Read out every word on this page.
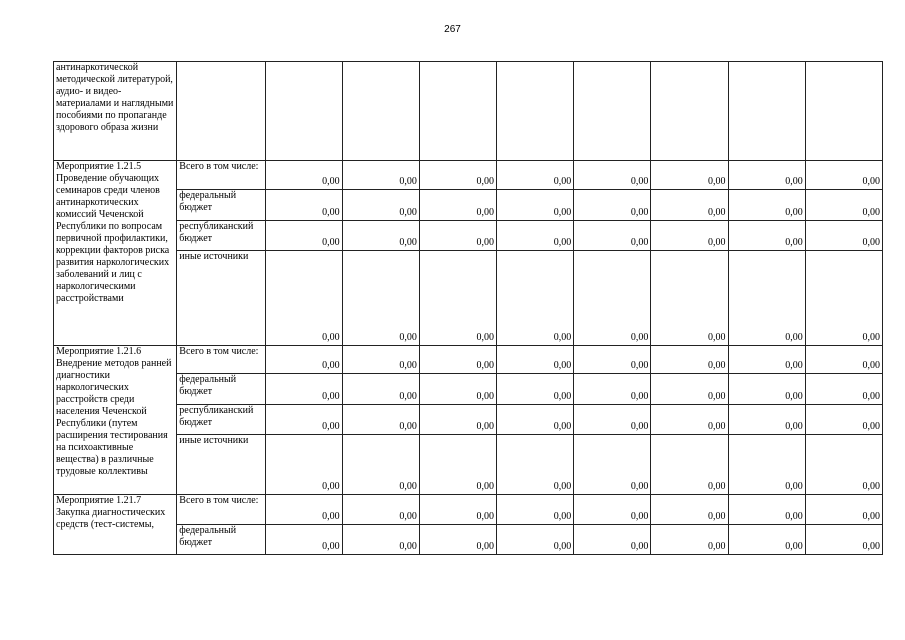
267
антинаркотической методической литературой, аудио- и видео-материалами и наглядными пособиями по пропаганде здорового образа жизни									
Мероприятие 1.21.5 Проведение обучающих семинаров среди членов антинаркотических комиссий Чеченской Республики по вопросам первичной профилактики, коррекции факторов риска развития наркологических заболеваний и лиц с наркологическими расстройствами	Всего в том числе:	0,00	0,00	0,00	0,00	0,00	0,00	0,00	0,00
	федеральный бюджет	0,00	0,00	0,00	0,00	0,00	0,00	0,00	0,00
	республиканский бюджет	0,00	0,00	0,00	0,00	0,00	0,00	0,00	0,00
	иные источники	0,00	0,00	0,00	0,00	0,00	0,00	0,00	0,00
Мероприятие 1.21.6 Внедрение методов ранней диагностики наркологических расстройств среди населения Чеченской Республики (путем расширения тестирования на психоактивные вещества) в различные трудовые коллективы	Всего в том числе:	0,00	0,00	0,00	0,00	0,00	0,00	0,00	0,00
	федеральный бюджет	0,00	0,00	0,00	0,00	0,00	0,00	0,00	0,00
	республиканский бюджет	0,00	0,00	0,00	0,00	0,00	0,00	0,00	0,00
	иные источники	0,00	0,00	0,00	0,00	0,00	0,00	0,00	0,00
Мероприятие 1.21.7 Закупка диагностических средств (тест-системы,	Всего в том числе:	0,00	0,00	0,00	0,00	0,00	0,00	0,00	0,00
	федеральный бюджет	0,00	0,00	0,00	0,00	0,00	0,00	0,00	0,00
